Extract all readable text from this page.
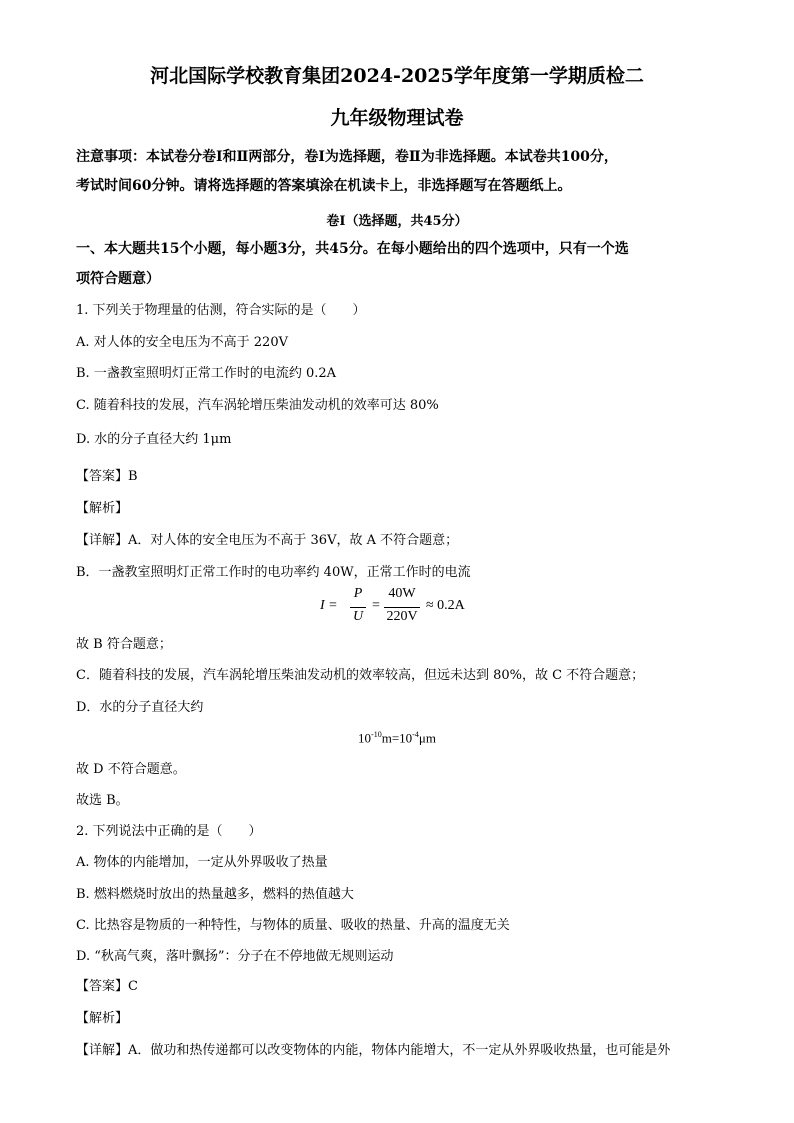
河北国际学校教育集团2024-2025学年度第一学期质检二
九年级物理试卷
注意事项：本试卷分卷Ⅰ和Ⅱ两部分，卷Ⅰ为选择题，卷Ⅱ为非选择题。本试卷共100分，
考试时间60分钟。请将选择题的答案填涂在机读卡上，非选择题写在答题纸上。
卷Ⅰ（选择题，共45分）
一、本大题共15个小题，每小题3分，共45分。在每小题给出的四个选项中，只有一个选
项符合题意）
1. 下列关于物理量的估测，符合实际的是（　　）
A. 对人体的安全电压为不高于 220V
B. 一盏教室照明灯正常工作时的电流约 0.2A
C. 随着科技的发展，汽车涡轮增压柴油发动机的效率可达 80%
D. 水的分子直径大约 1μm
【答案】B
【解析】
【详解】A．对人体的安全电压为不高于 36V，故 A 不符合题意；
B．一盏教室照明灯正常工作时的电功率约 40W，正常工作时的电流
I =
P
U
=
40W
220V
≈ 0.2A
故 B 符合题意；
C．随着科技的发展，汽车涡轮增压柴油发动机的效率较高，但远未达到 80%，故 C 不符合题意；
D．水的分子直径大约
$10^{-10}m=10^{-4}\mu m$
故 D 不符合题意。
故选 B。
2. 下列说法中正确的是（　　）
A. 物体的内能增加，一定从外界吸收了热量
B. 燃料燃烧时放出的热量越多，燃料的热值越大
C. 比热容是物质的一种特性，与物体的质量、吸收的热量、升高的温度无关
D. “秋高气爽，落叶飘扬”：分子在不停地做无规则运动
【答案】C
【解析】
【详解】A．做功和热传递都可以改变物体的内能，物体内能增大，不一定从外界吸收热量，也可能是外
